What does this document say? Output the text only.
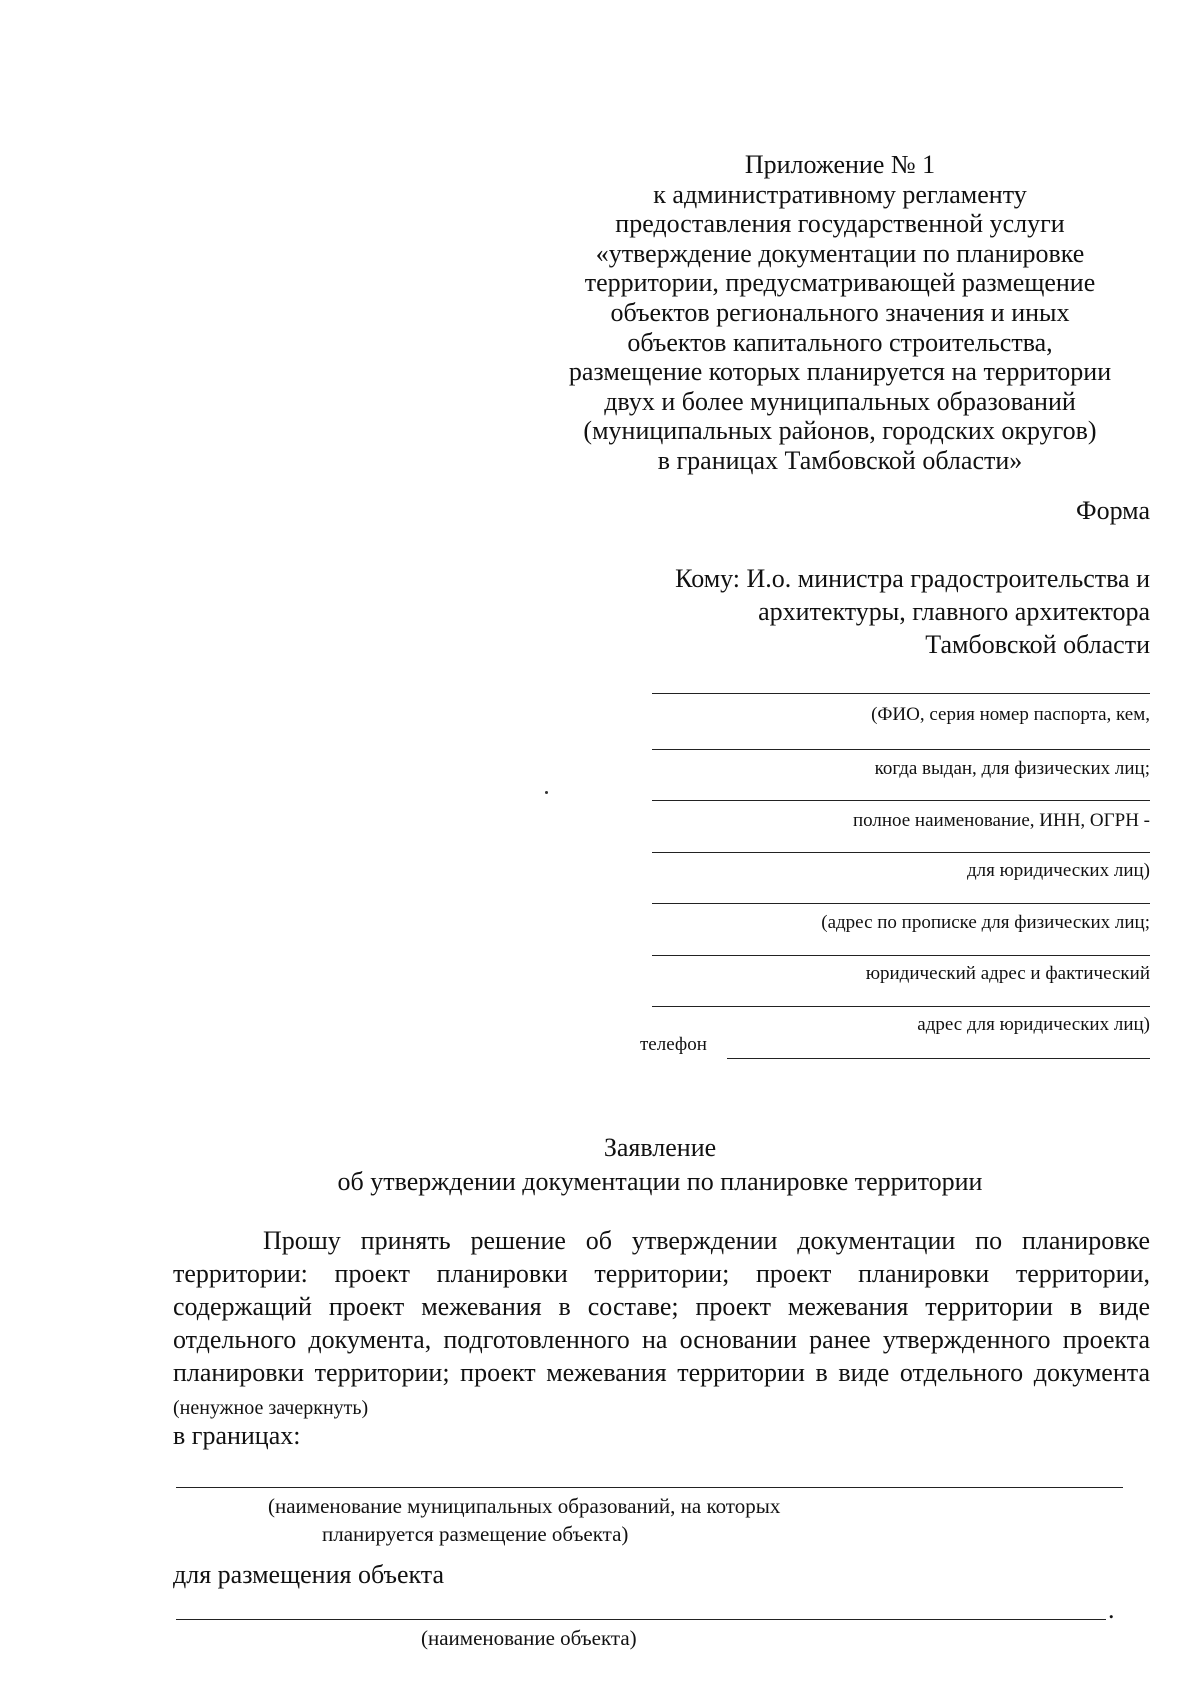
Приложение № 1
к административному регламенту
предоставления государственной услуги
«утверждение документации по планировке
территории, предусматривающей размещение
объектов регионального значения и иных
объектов капитального строительства,
размещение которых планируется на территории
двух и более муниципальных образований
(муниципальных районов, городских округов)
в границах Тамбовской области»
Форма
Кому: И.о. министра градостроительства и
архитектуры, главного архитектора
Тамбовской области
(ФИО, серия номер паспорта, кем,
когда выдан, для физических лиц;
полное наименование, ИНН, ОГРН -
для юридических лиц)
(адрес по прописке для физических лиц;
юридический адрес и фактический
адрес для юридических лиц)
телефон
Заявление
об утверждении документации по планировке территории
Прошу принять решение об утверждении документации по планировке территории: проект планировки территории; проект планировки территории, содержащий проект межевания в составе; проект межевания территории в виде отдельного документа, подготовленного на основании ранее утвержденного проекта планировки территории; проект межевания территории в виде отдельного документа (ненужное зачеркнуть)
в границах:
(наименование муниципальных образований, на которых
планируется размещение объекта)
для размещения объекта
.
(наименование объекта)
